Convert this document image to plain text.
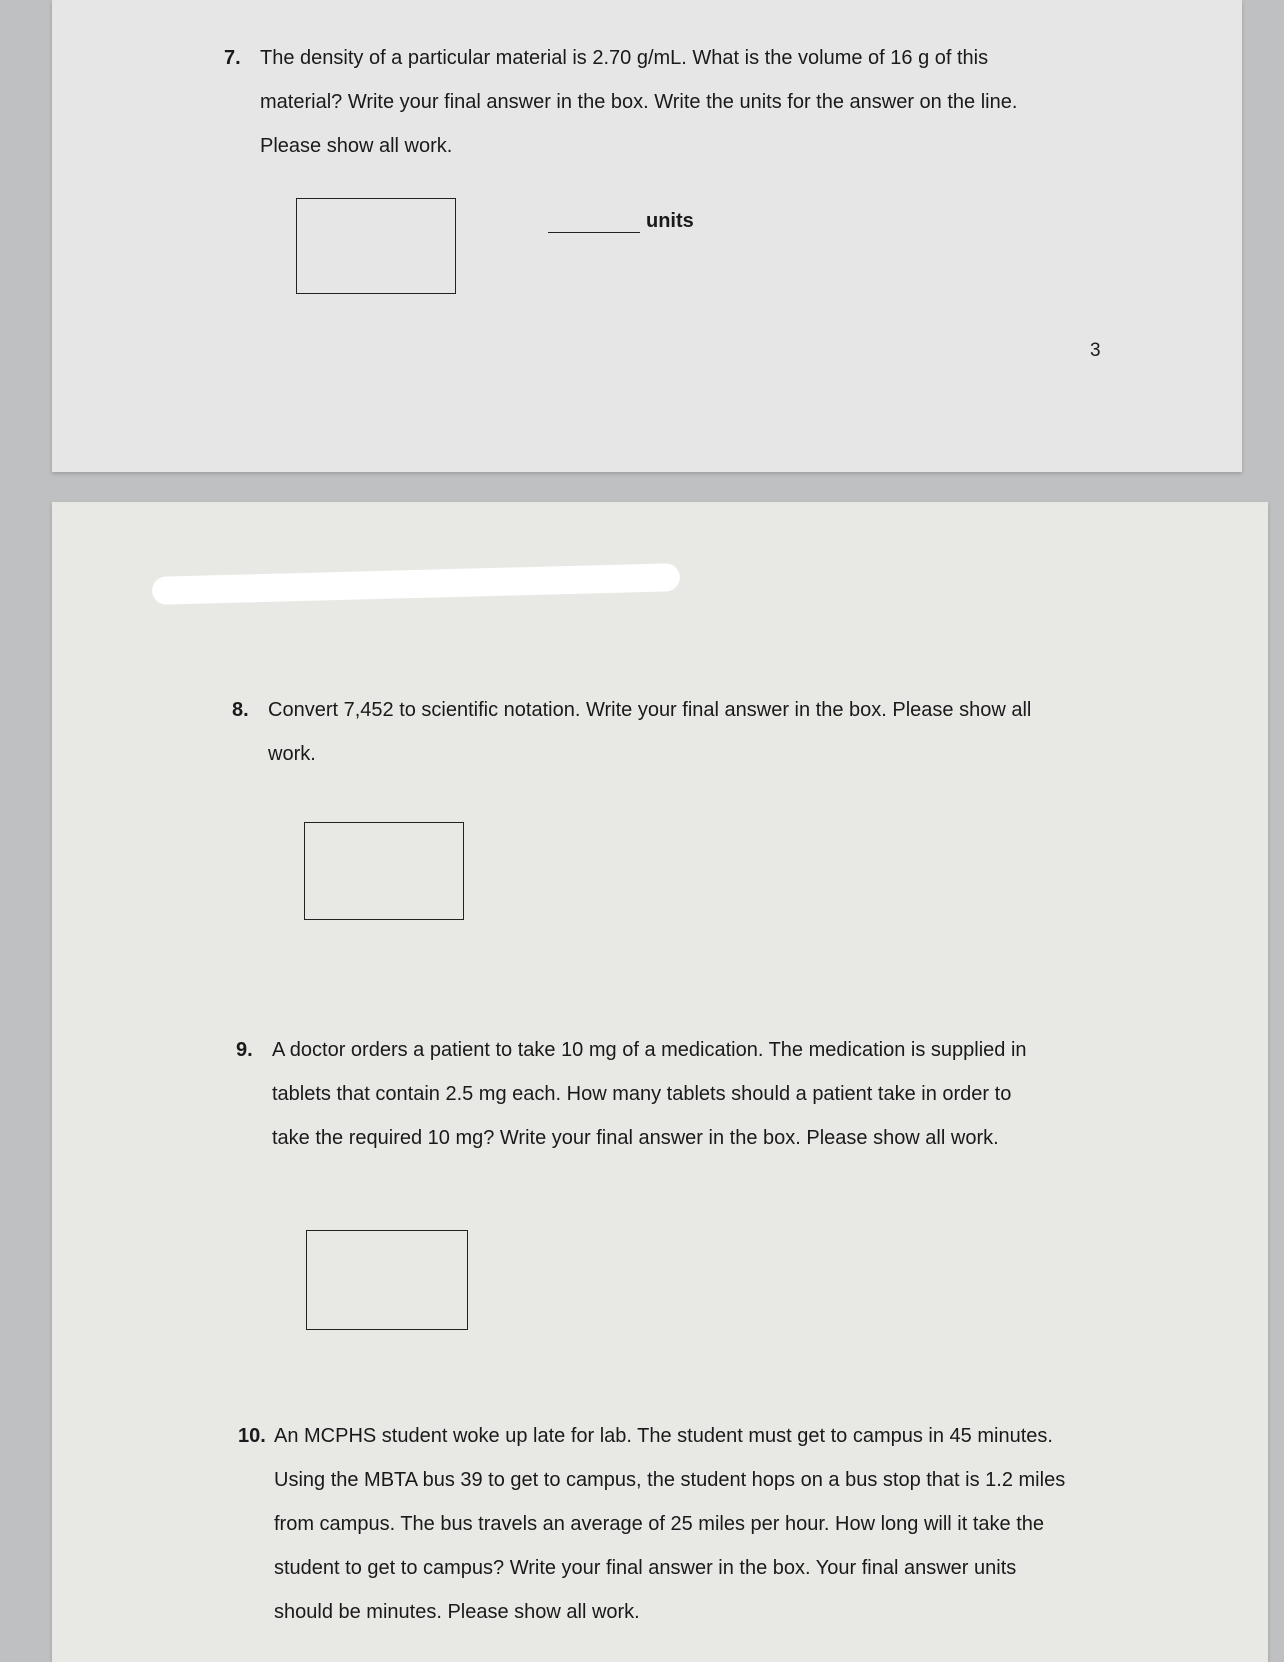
7. The density of a particular material is 2.70 g/mL. What is the volume of 16 g of this
material? Write your final answer in the box. Write the units for the answer on the line.
Please show all work.
units
3
8. Convert 7,452 to scientific notation. Write your final answer in the box. Please show all
work.
9. A doctor orders a patient to take 10 mg of a medication. The medication is supplied in
tablets that contain 2.5 mg each. How many tablets should a patient take in order to
take the required 10 mg? Write your final answer in the box. Please show all work.
10. An MCPHS student woke up late for lab. The student must get to campus in 45 minutes.
Using the MBTA bus 39 to get to campus, the student hops on a bus stop that is 1.2 miles
from campus. The bus travels an average of 25 miles per hour. How long will it take the
student to get to campus? Write your final answer in the box. Your final answer units
should be minutes. Please show all work.
